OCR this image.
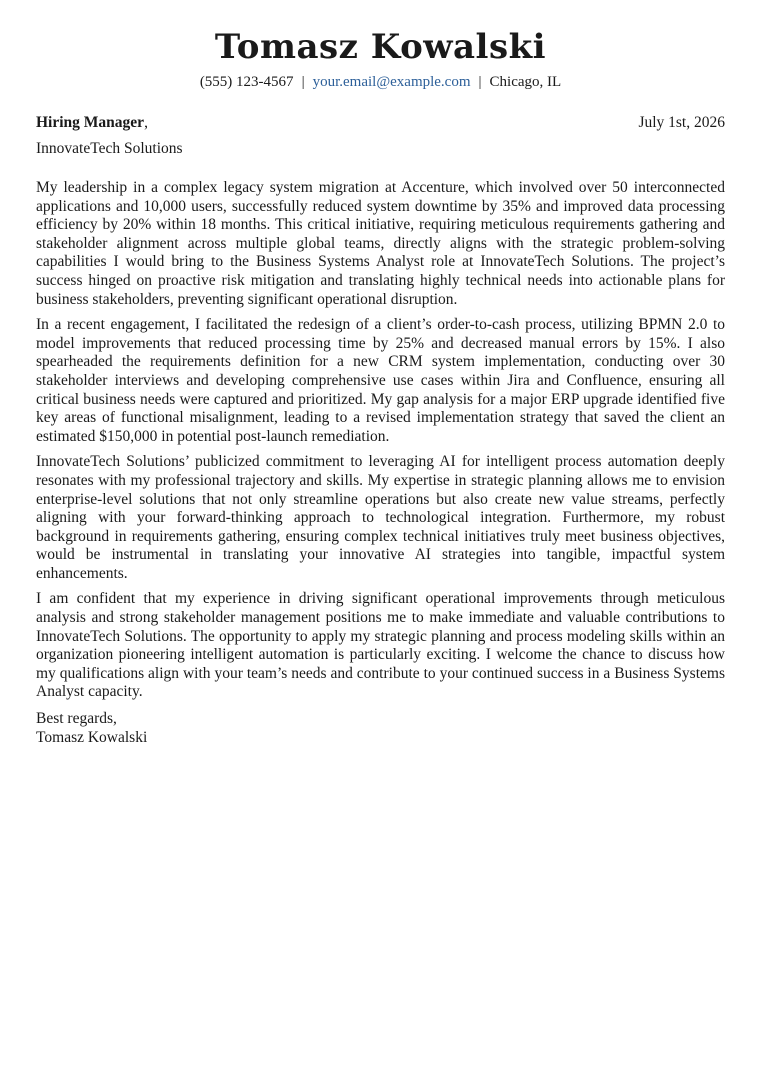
Tomasz Kowalski
(555) 123-4567 | your.email@example.com | Chicago, IL
Hiring Manager,	July 1st, 2026
InnovateTech Solutions

My leadership in a complex legacy system migration at Accenture, which involved over 50 interconnected applications and 10,000 users, successfully reduced system downtime by 35% and improved data processing efficiency by 20% within 18 months. This critical initiative, requiring meticulous requirements gathering and stakeholder alignment across multiple global teams, directly aligns with the strategic problem-solving capabilities I would bring to the Business Systems Analyst role at InnovateTech Solutions. The project’s success hinged on proactive risk mitigation and translating highly technical needs into actionable plans for business stakeholders, preventing significant operational disruption.

In a recent engagement, I facilitated the redesign of a client’s order-to-cash process, utilizing BPMN 2.0 to model improvements that reduced processing time by 25% and decreased manual errors by 15%. I also spearheaded the requirements definition for a new CRM system implementation, conducting over 30 stakeholder interviews and developing comprehensive use cases within Jira and Confluence, ensuring all critical business needs were captured and prioritized. My gap analysis for a major ERP upgrade identified five key areas of functional misalignment, leading to a revised implementation strategy that saved the client an estimated $150,000 in potential post-launch remediation.

InnovateTech Solutions’ publicized commitment to leveraging AI for intelligent process automation deeply resonates with my professional trajectory and skills. My expertise in strategic planning allows me to envision enterprise-level solutions that not only streamline operations but also create new value streams, perfectly aligning with your forward-thinking approach to technological integration. Furthermore, my robust background in requirements gathering, ensuring complex technical initiatives truly meet business objectives, would be instrumental in translating your innovative AI strategies into tangible, impactful system enhancements.

I am confident that my experience in driving significant operational improvements through meticulous analysis and strong stakeholder management positions me to make immediate and valuable contributions to InnovateTech Solutions. The opportunity to apply my strategic planning and process modeling skills within an organization pioneering intelligent automation is particularly exciting. I welcome the chance to discuss how my qualifications align with your team’s needs and contribute to your continued success in a Business Systems Analyst capacity.

Best regards,
Tomasz Kowalski
